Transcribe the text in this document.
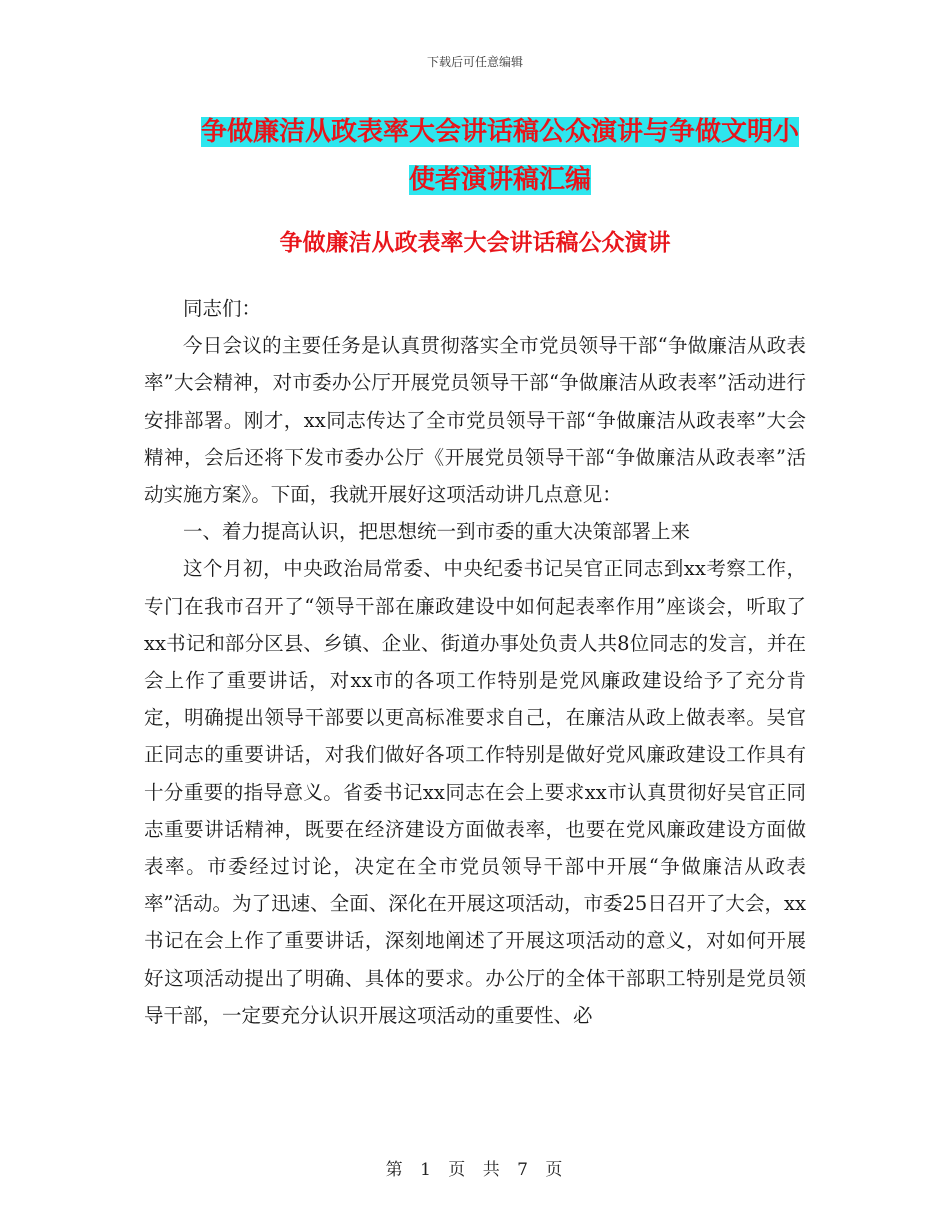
下载后可任意编辑
争做廉洁从政表率大会讲话稿公众演讲与争做文明小
使者演讲稿汇编
争做廉洁从政表率大会讲话稿公众演讲

同志们：

今日会议的主要任务是认真贯彻落实全市党员领导干部“争做廉洁从政表率”大会精神，对市委办公厅开展党员领导干部“争做廉洁从政表率”活动进行安排部署。刚才，xx同志传达了全市党员领导干部“争做廉洁从政表率”大会精神，会后还将下发市委办公厅《开展党员领导干部“争做廉洁从政表率”活动实施方案》。下面，我就开展好这项活动讲几点意见：

一、着力提高认识，把思想统一到市委的重大决策部署上来

这个月初，中央政治局常委、中央纪委书记吴官正同志到xx考察工作，专门在我市召开了“领导干部在廉政建设中如何起表率作用”座谈会，听取了xx书记和部分区县、乡镇、企业、街道办事处负责人共8位同志的发言，并在会上作了重要讲话，对xx市的各项工作特别是党风廉政建设给予了充分肯定，明确提出领导干部要以更高标准要求自己，在廉洁从政上做表率。吴官正同志的重要讲话，对我们做好各项工作特别是做好党风廉政建设工作具有十分重要的指导意义。省委书记xx同志在会上要求xx市认真贯彻好吴官正同志重要讲话精神，既要在经济建设方面做表率，也要在党风廉政建设方面做表率。市委经过讨论，决定在全市党员领导干部中开展“争做廉洁从政表率”活动。为了迅速、全面、深化在开展这项活动，市委25日召开了大会，xx书记在会上作了重要讲话，深刻地阐述了开展这项活动的意义，对如何开展好这项活动提出了明确、具体的要求。办公厅的全体干部职工特别是党员领导干部，一定要充分认识开展这项活动的重要性、必

第 1 页 共 7 页
